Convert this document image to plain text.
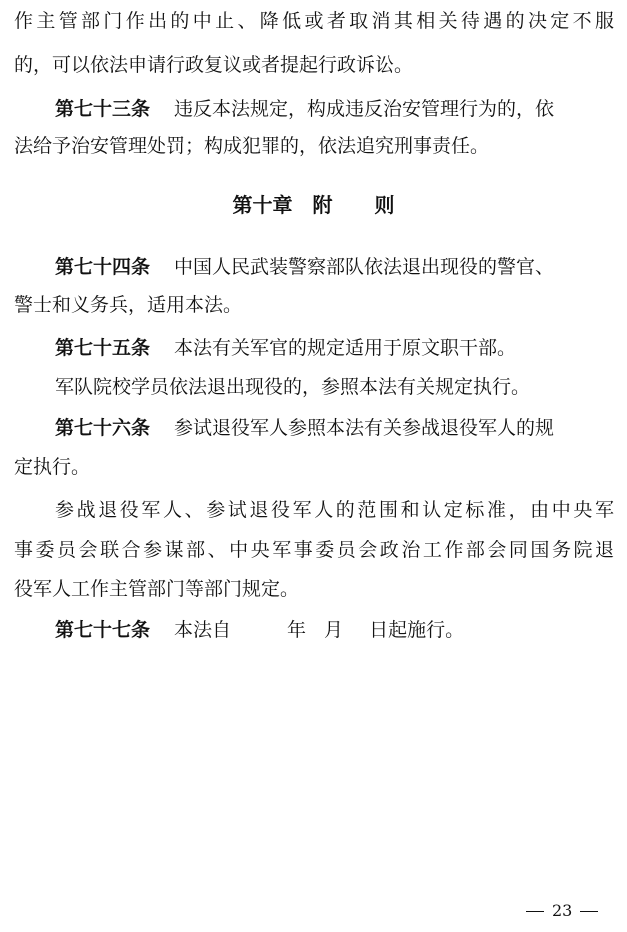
作主管部门作出的中止、降低或者取消其相关待遇的决定不服
的，可以依法申请行政复议或者提起行政诉讼。
第七十三条 违反本法规定，构成违反治安管理行为的，依
法给予治安管理处罚；构成犯罪的，依法追究刑事责任。
第十章 附 则
第七十四条 中国人民武装警察部队依法退出现役的警官、
警士和义务兵，适用本法。
第七十五条 本法有关军官的规定适用于原文职干部。
军队院校学员依法退出现役的，参照本法有关规定执行。
第七十六条 参试退役军人参照本法有关参战退役军人的规
定执行。
参战退役军人、参试退役军人的范围和认定标准，由中央军
事委员会联合参谋部、中央军事委员会政治工作部会同国务院退
役军人工作主管部门等部门规定。
第七十七条 本法自	年 月 日起施行。
23
